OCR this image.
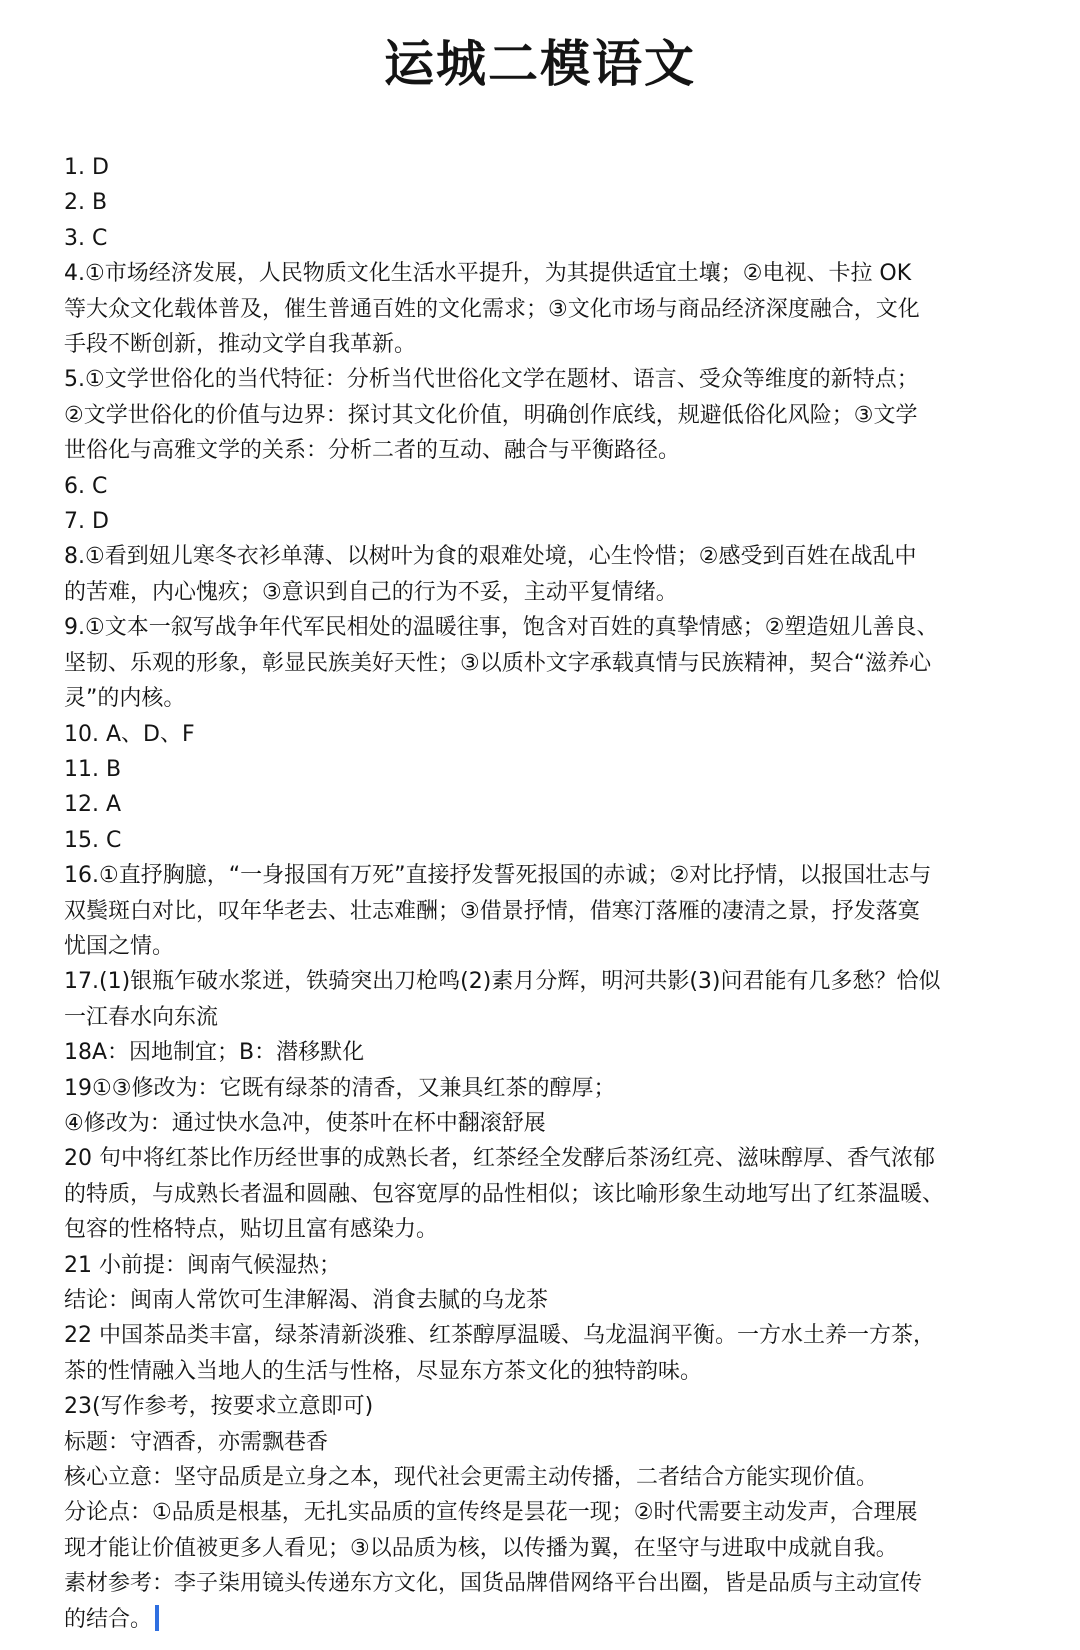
运城二模语文
1. D
2. B
3. C
4.①市场经济发展，人民物质文化生活水平提升，为其提供适宜土壤；②电视、卡拉 OK
等大众文化载体普及，催生普通百姓的文化需求；③文化市场与商品经济深度融合，文化
手段不断创新，推动文学自我革新。
5.①文学世俗化的当代特征：分析当代世俗化文学在题材、语言、受众等维度的新特点；
②文学世俗化的价值与边界：探讨其文化价值，明确创作底线，规避低俗化风险；③文学
世俗化与高雅文学的关系：分析二者的互动、融合与平衡路径。
6. C
7. D
8.①看到妞儿寒冬衣衫单薄、以树叶为食的艰难处境，心生怜惜；②感受到百姓在战乱中
的苦难，内心愧疚；③意识到自己的行为不妥，主动平复情绪。
9.①文本一叙写战争年代军民相处的温暖往事，饱含对百姓的真挚情感；②塑造妞儿善良、
坚韧、乐观的形象，彰显民族美好天性；③以质朴文字承载真情与民族精神，契合“滋养心
灵”的内核。
10. A、D、F
11. B
12. A
15. C
16.①直抒胸臆，“一身报国有万死”直接抒发誓死报国的赤诚；②对比抒情，以报国壮志与
双鬓斑白对比，叹年华老去、壮志难酬；③借景抒情，借寒汀落雁的凄清之景，抒发落寞
忧国之情。
17.(1)银瓶乍破水浆迸，铁骑突出刀枪鸣(2)素月分辉，明河共影(3)问君能有几多愁？恰似
一江春水向东流
18A：因地制宜；B：潜移默化
19①③修改为：它既有绿茶的清香，又兼具红茶的醇厚；
④修改为：通过快水急冲，使茶叶在杯中翻滚舒展
20 句中将红茶比作历经世事的成熟长者，红茶经全发酵后茶汤红亮、滋味醇厚、香气浓郁
的特质，与成熟长者温和圆融、包容宽厚的品性相似；该比喻形象生动地写出了红茶温暖、
包容的性格特点，贴切且富有感染力。
21 小前提：闽南气候湿热；
结论：闽南人常饮可生津解渴、消食去腻的乌龙茶
22 中国茶品类丰富，绿茶清新淡雅、红茶醇厚温暖、乌龙温润平衡。一方水土养一方茶，
茶的性情融入当地人的生活与性格，尽显东方茶文化的独特韵味。
23(写作参考，按要求立意即可)
标题：守酒香，亦需飘巷香
核心立意：坚守品质是立身之本，现代社会更需主动传播，二者结合方能实现价值。
分论点：①品质是根基，无扎实品质的宣传终是昙花一现；②时代需要主动发声，合理展
现才能让价值被更多人看见；③以品质为核，以传播为翼，在坚守与进取中成就自我。
素材参考：李子柒用镜头传递东方文化，国货品牌借网络平台出圈，皆是品质与主动宣传
的结合。
